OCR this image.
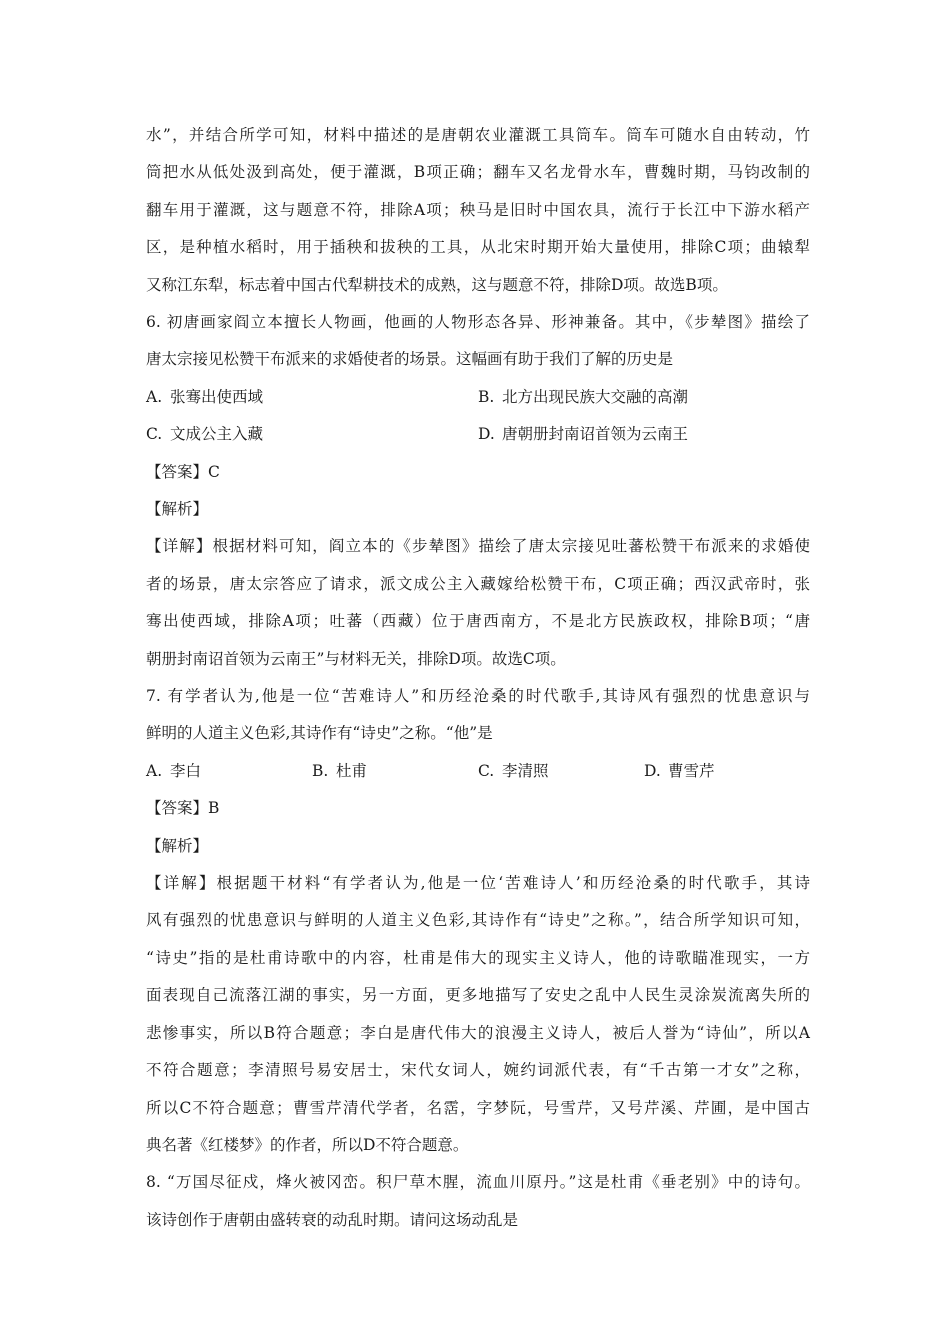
水”，并结合所学可知，材料中描述的是唐朝农业灌溉工具筒车。筒车可随水自由转动，竹

筒把水从低处汲到高处，便于灌溉，B项正确；翻车又名龙骨水车，曹魏时期，马钧改制的

翻车用于灌溉，这与题意不符，排除A项；秧马是旧时中国农具，流行于长江中下游水稻产

区，是种植水稻时，用于插秧和拔秧的工具，从北宋时期开始大量使用，排除C项；曲辕犁

又称江东犁，标志着中国古代犁耕技术的成熟，这与题意不符，排除D项。故选B项。

6. 初唐画家阎立本擅长人物画，他画的人物形态各异、形神兼备。其中，《步辇图》描绘了

唐太宗接见松赞干布派来的求婚使者的场景。这幅画有助于我们了解的历史是

A. 张骞出使西域	B. 北方出现民族大交融的高潮
C. 文成公主入藏	D. 唐朝册封南诏首领为云南王
【答案】C
【解析】

【详解】根据材料可知，阎立本的《步辇图》描绘了唐太宗接见吐蕃松赞干布派来的求婚使

者的场景，唐太宗答应了请求，派文成公主入藏嫁给松赞干布，C项正确；西汉武帝时，张

骞出使西域，排除A项；吐蕃（西藏）位于唐西南方，不是北方民族政权，排除B项；“唐

朝册封南诏首领为云南王”与材料无关，排除D项。故选C项。

7. 有学者认为,他是一位“苦难诗人”和历经沧桑的时代歌手,其诗风有强烈的忧患意识与

鲜明的人道主义色彩,其诗作有“诗史”之称。“他”是

A. 李白	B. 杜甫	C. 李清照	D. 曹雪芹
【答案】B
【解析】

【详解】根据题干材料“有学者认为,他是一位‘苦难诗人’和历经沧桑的时代歌手，其诗

风有强烈的忧患意识与鲜明的人道主义色彩,其诗作有“诗史”之称。”，结合所学知识可知，

“诗史”指的是杜甫诗歌中的内容，杜甫是伟大的现实主义诗人，他的诗歌瞄准现实，一方

面表现自己流落江湖的事实，另一方面，更多地描写了安史之乱中人民生灵涂炭流离失所的

悲惨事实，所以B符合题意；李白是唐代伟大的浪漫主义诗人，被后人誉为“诗仙”，所以A

不符合题意；李清照号易安居士，宋代女词人，婉约词派代表，有“千古第一才女”之称，

所以C不符合题意；曹雪芹清代学者，名霑，字梦阮，号雪芹，又号芹溪、芹圃，是中国古

典名著《红楼梦》的作者，所以D不符合题意。

8. “万国尽征戍，烽火被冈峦。积尸草木腥，流血川原丹。”这是杜甫《垂老别》中的诗句。

该诗创作于唐朝由盛转衰的动乱时期。请问这场动乱是
